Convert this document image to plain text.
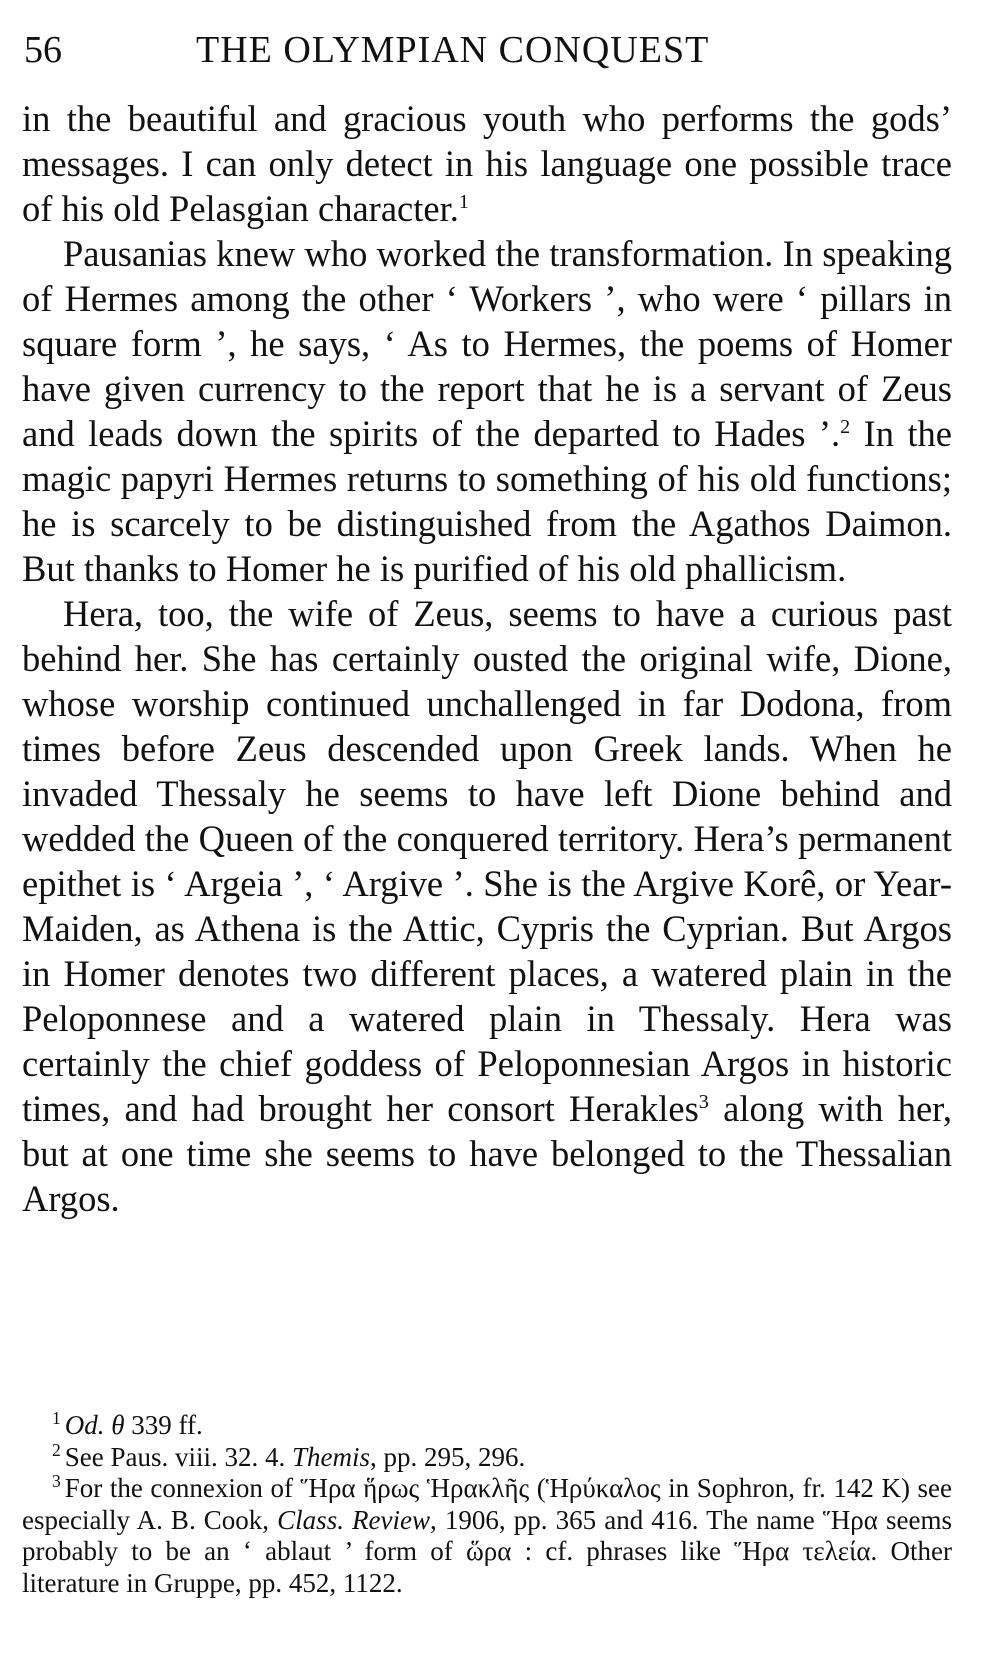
56	THE OLYMPIAN CONQUEST

in the beautiful and gracious youth who performs the gods’ messages. I can only detect in his language one possible trace of his old Pelasgian character.$^1$

Pausanias knew who worked the transformation. In speaking of Hermes among the other ‘ Workers ’, who were ‘ pillars in square form ’, he says, ‘ As to Hermes, the poems of Homer have given currency to the report that he is a servant of Zeus and leads down the spirits of the departed to Hades ’.$^2$ In the magic papyri Hermes returns to something of his old functions; he is scarcely to be distinguished from the Agathos Daimon. But thanks to Homer he is purified of his old phallicism.

Hera, too, the wife of Zeus, seems to have a curious past behind her. She has certainly ousted the original wife, Dione, whose worship continued unchallenged in far Dodona, from times before Zeus descended upon Greek lands. When he invaded Thessaly he seems to have left Dione behind and wedded the Queen of the conquered territory. Hera’s permanent epithet is ‘ Argeia ’, ‘ Argive ’. She is the Argive Korê, or Year-Maiden, as Athena is the Attic, Cypris the Cyprian. But Argos in Homer denotes two different places, a watered plain in the Peloponnese and a watered plain in Thessaly. Hera was certainly the chief goddess of Peloponnesian Argos in historic times, and had brought her consort Herakles$^3$ along with her, but at one time she seems to have belonged to the Thessalian Argos.

$^1$ Od. θ 339 ff.

$^2$ See Paus. viii. 32. 4. Themis, pp. 295, 296.

$^3$ For the connexion of Ἥρα ἥρως Ἡρακλῆς (Ἡρύκαλος in Sophron, fr. 142 K) see especially A. B. Cook, Class. Review, 1906, pp. 365 and 416. The name Ἥρα seems probably to be an ‘ ablaut ’ form of ὥρα : cf. phrases like Ἥρα τελεία. Other literature in Gruppe, pp. 452, 1122.
